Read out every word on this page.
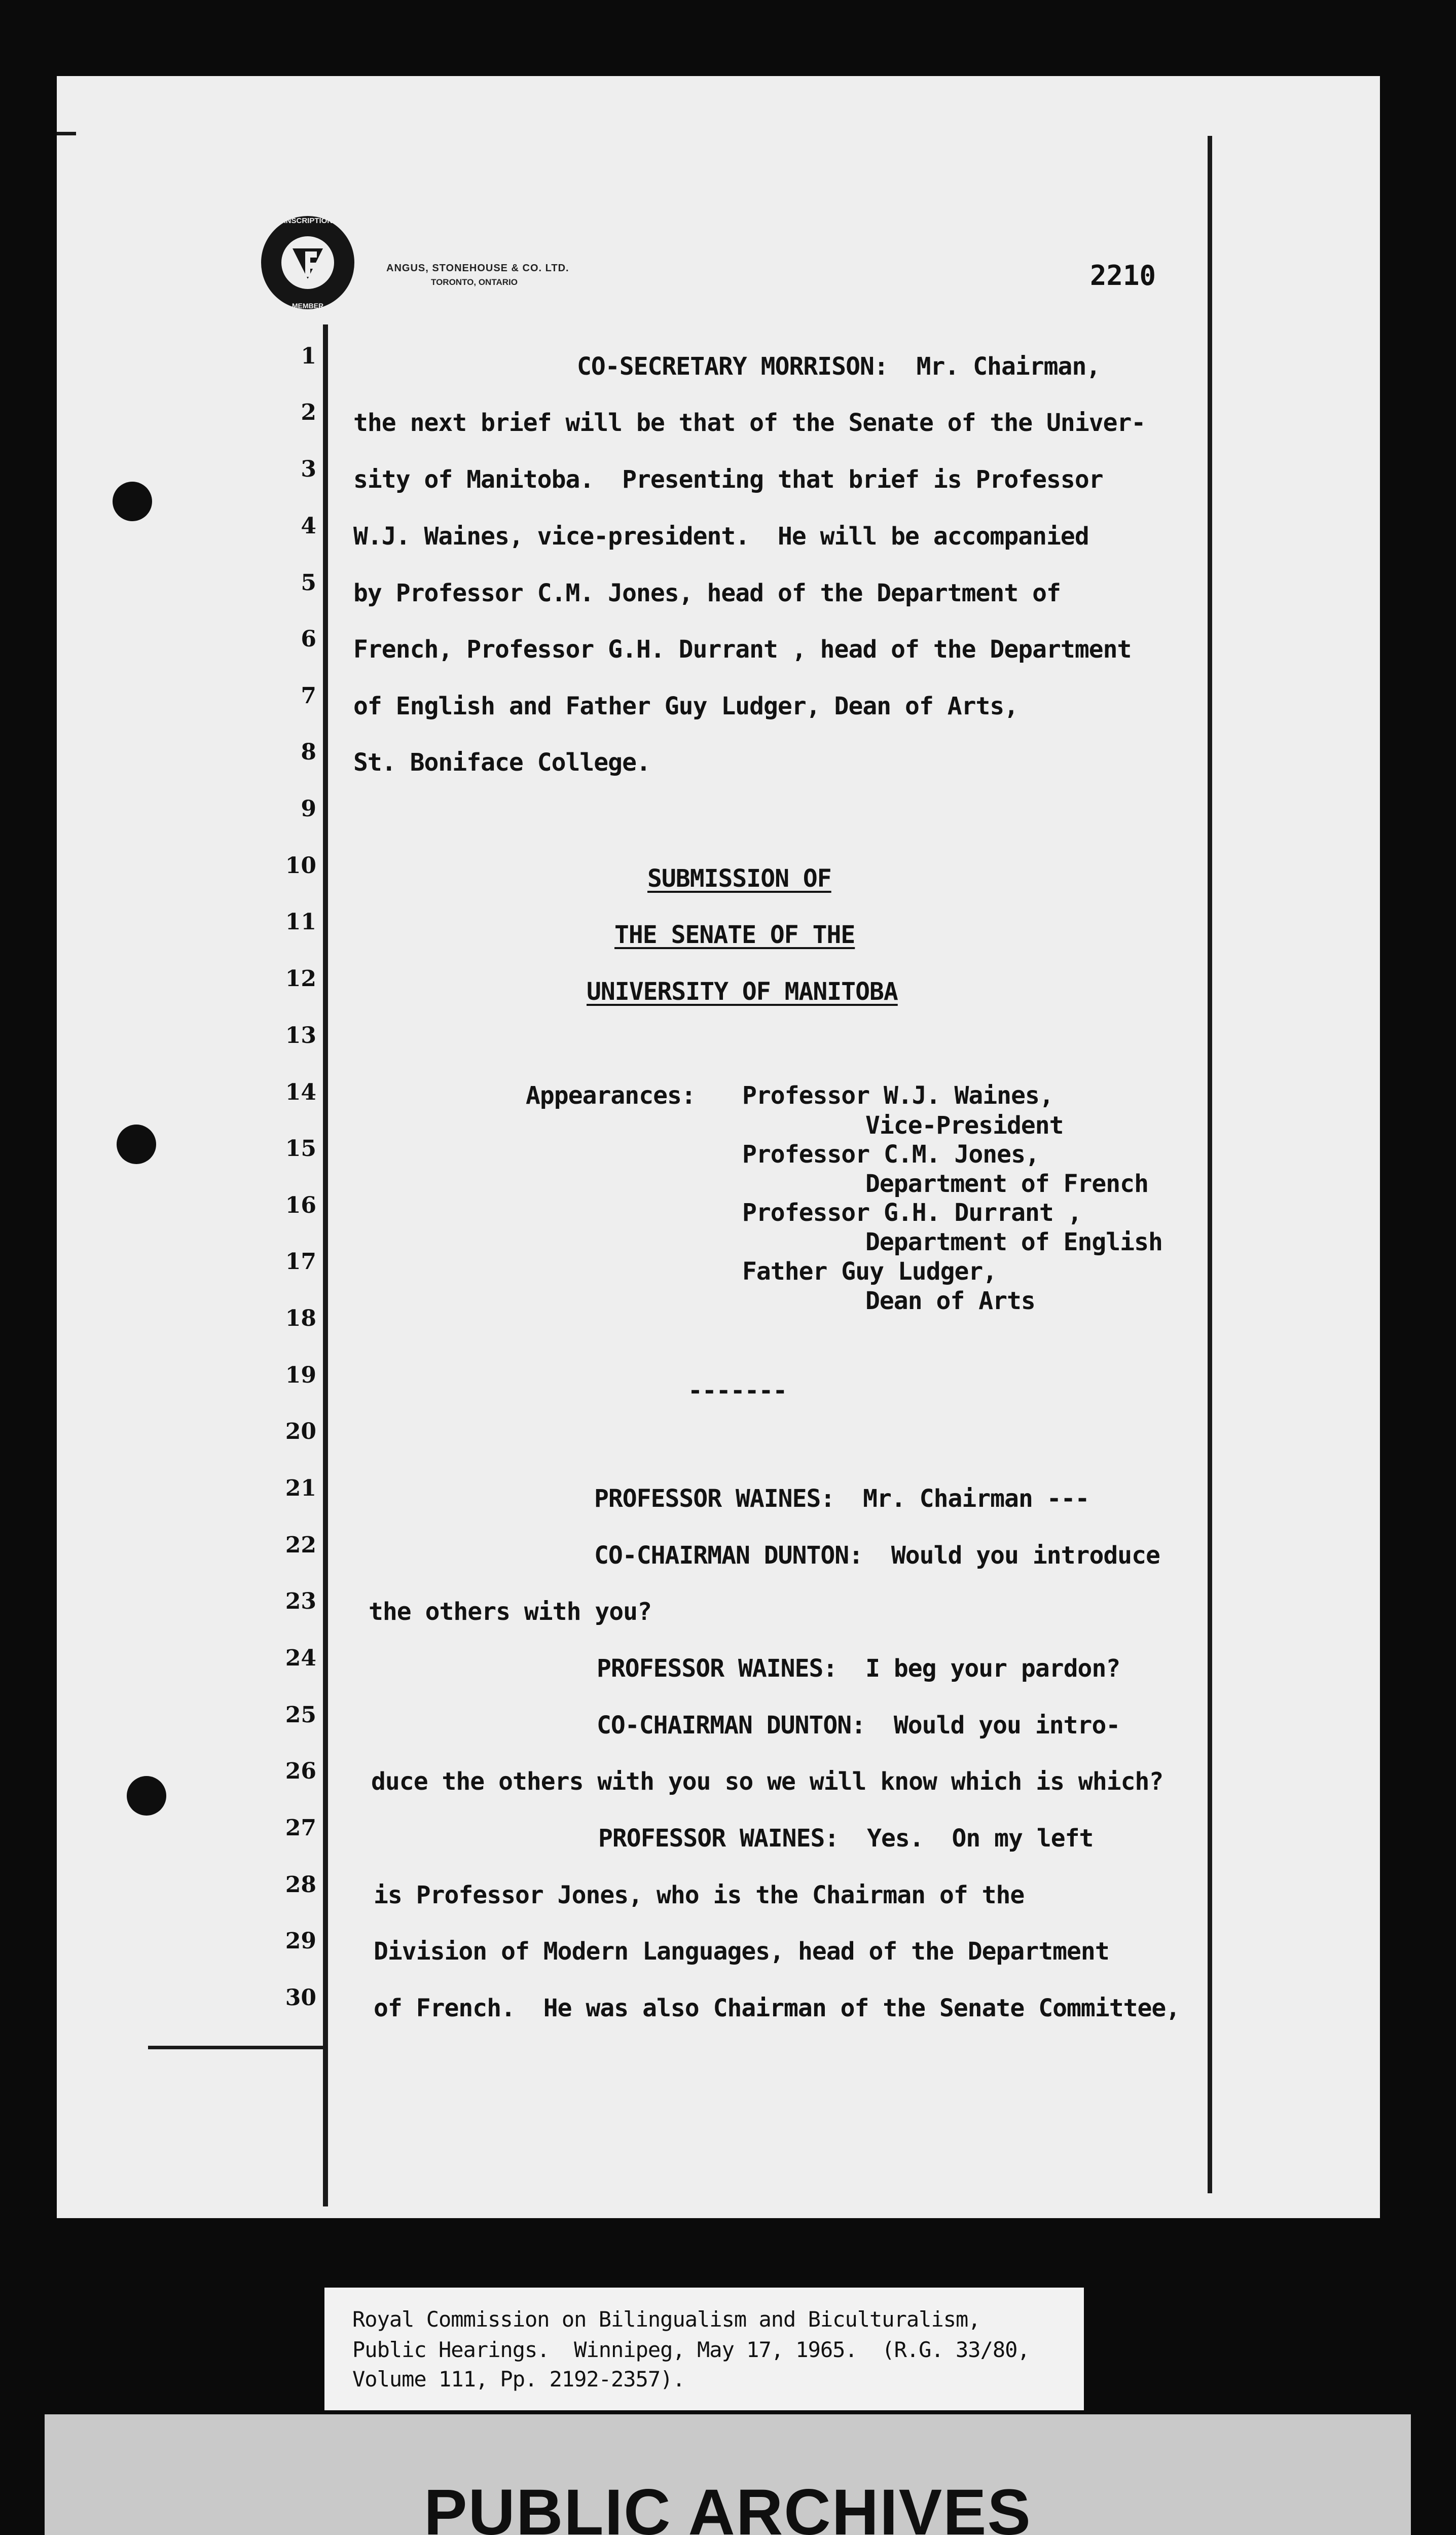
TRANSCRIPTION BY
MEMBER
ANGUS, STONEHOUSE & CO. LTD.
TORONTO, ONTARIO	2210
1
2
3
4
5
6
7
8
9
10
11
12
13
14
15
16
17
18
19
20
21
22
23
24
25
26
27
28
29
30
CO-SECRETARY MORRISON:  Mr. Chairman,
the next brief will be that of the Senate of the Univer-
sity of Manitoba.  Presenting that brief is Professor
W.J. Waines, vice-president.  He will be accompanied
by Professor C.M. Jones, head of the Department of
French, Professor G.H. Durrant , head of the Department
of English and Father Guy Ludger, Dean of Arts,
St. Boniface College.
SUBMISSION OF
THE SENATE OF THE
UNIVERSITY OF MANITOBA
Appearances: Professor W.J. Waines,
Vice-President
Professor C.M. Jones,
Department of French
Professor G.H. Durrant ,
Department of English
Father Guy Ludger,
Dean of Arts
-------
PROFESSOR WAINES:  Mr. Chairman ---
CO-CHAIRMAN DUNTON:  Would you introduce
the others with you?
PROFESSOR WAINES:  I beg your pardon?
CO-CHAIRMAN DUNTON:  Would you intro-
duce the others with you so we will know which is which?
PROFESSOR WAINES:  Yes.  On my left
is Professor Jones, who is the Chairman of the
Division of Modern Languages, head of the Department
of French.  He was also Chairman of the Senate Committee,
Royal Commission on Bilingualism and Biculturalism,
Public Hearings.  Winnipeg, May 17, 1965.  (R.G. 33/80,
Volume 111, Pp. 2192-2357).
PUBLIC ARCHIVES
